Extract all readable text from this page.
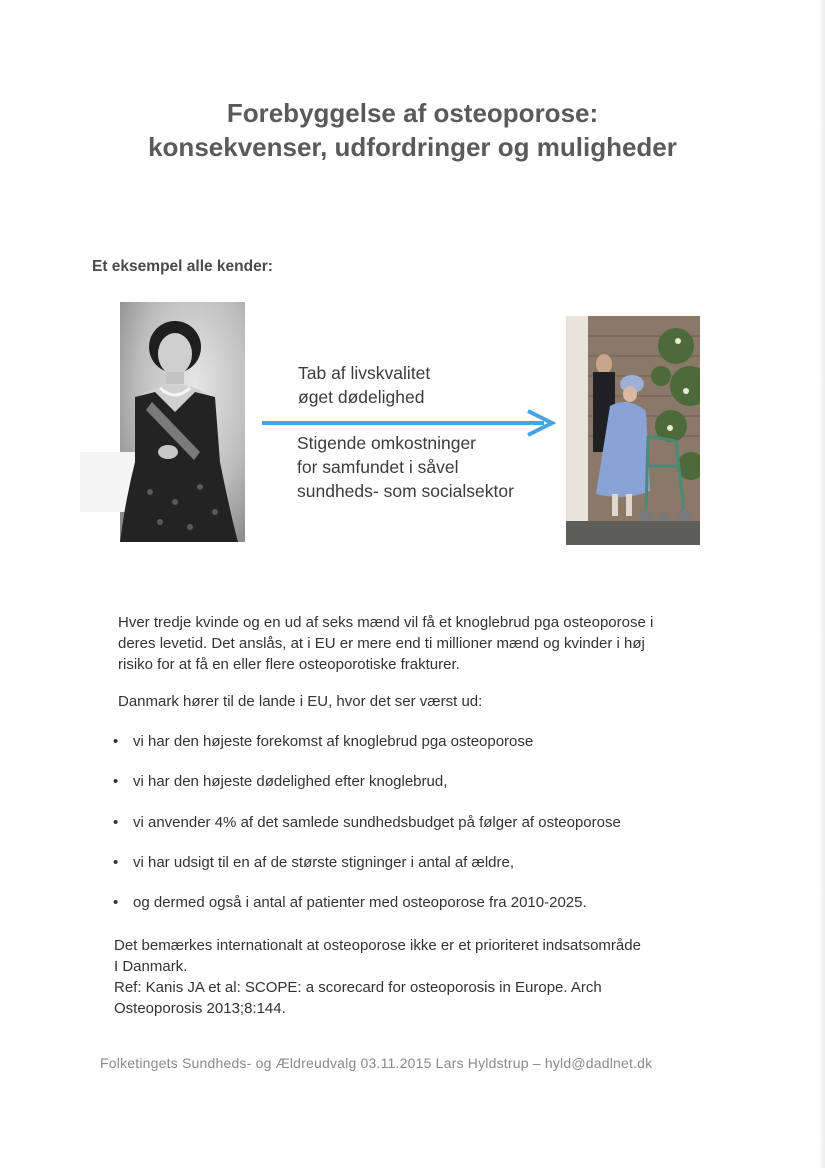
Forebyggelse af osteoporose:
konsekvenser, udfordringer og muligheder
Et eksempel alle kender:
Tab af livskvalitet
øget dødelighed
Stigende omkostninger
for samfundet i såvel
sundheds- som socialsektor
Hver tredje kvinde og en ud af seks mænd vil få et knoglebrud pga osteoporose i deres levetid. Det anslås, at i EU er mere end ti millioner mænd og kvinder i høj risiko for at få en eller flere osteoporotiske frakturer.
Danmark hører til de lande i EU, hvor det ser værst ud:
• vi har den højeste forekomst af knoglebrud pga osteoporose
• vi har den højeste dødelighed efter knoglebrud,
• vi anvender 4% af det samlede sundhedsbudget på følger af osteoporose
• vi har udsigt til en af de største stigninger i antal af ældre,
• og dermed også i antal af patienter med osteoporose fra 2010-2025.
Det bemærkes internationalt at osteoporose ikke er et prioriteret indsatsområde
I Danmark.
Ref: Kanis JA et al: SCOPE: a scorecard for osteoporosis in Europe. Arch
Osteoporosis 2013;8:144.
Folketingets Sundheds- og Ældreudvalg 03.11.2015 Lars Hyldstrup – hyld@dadlnet.dk
